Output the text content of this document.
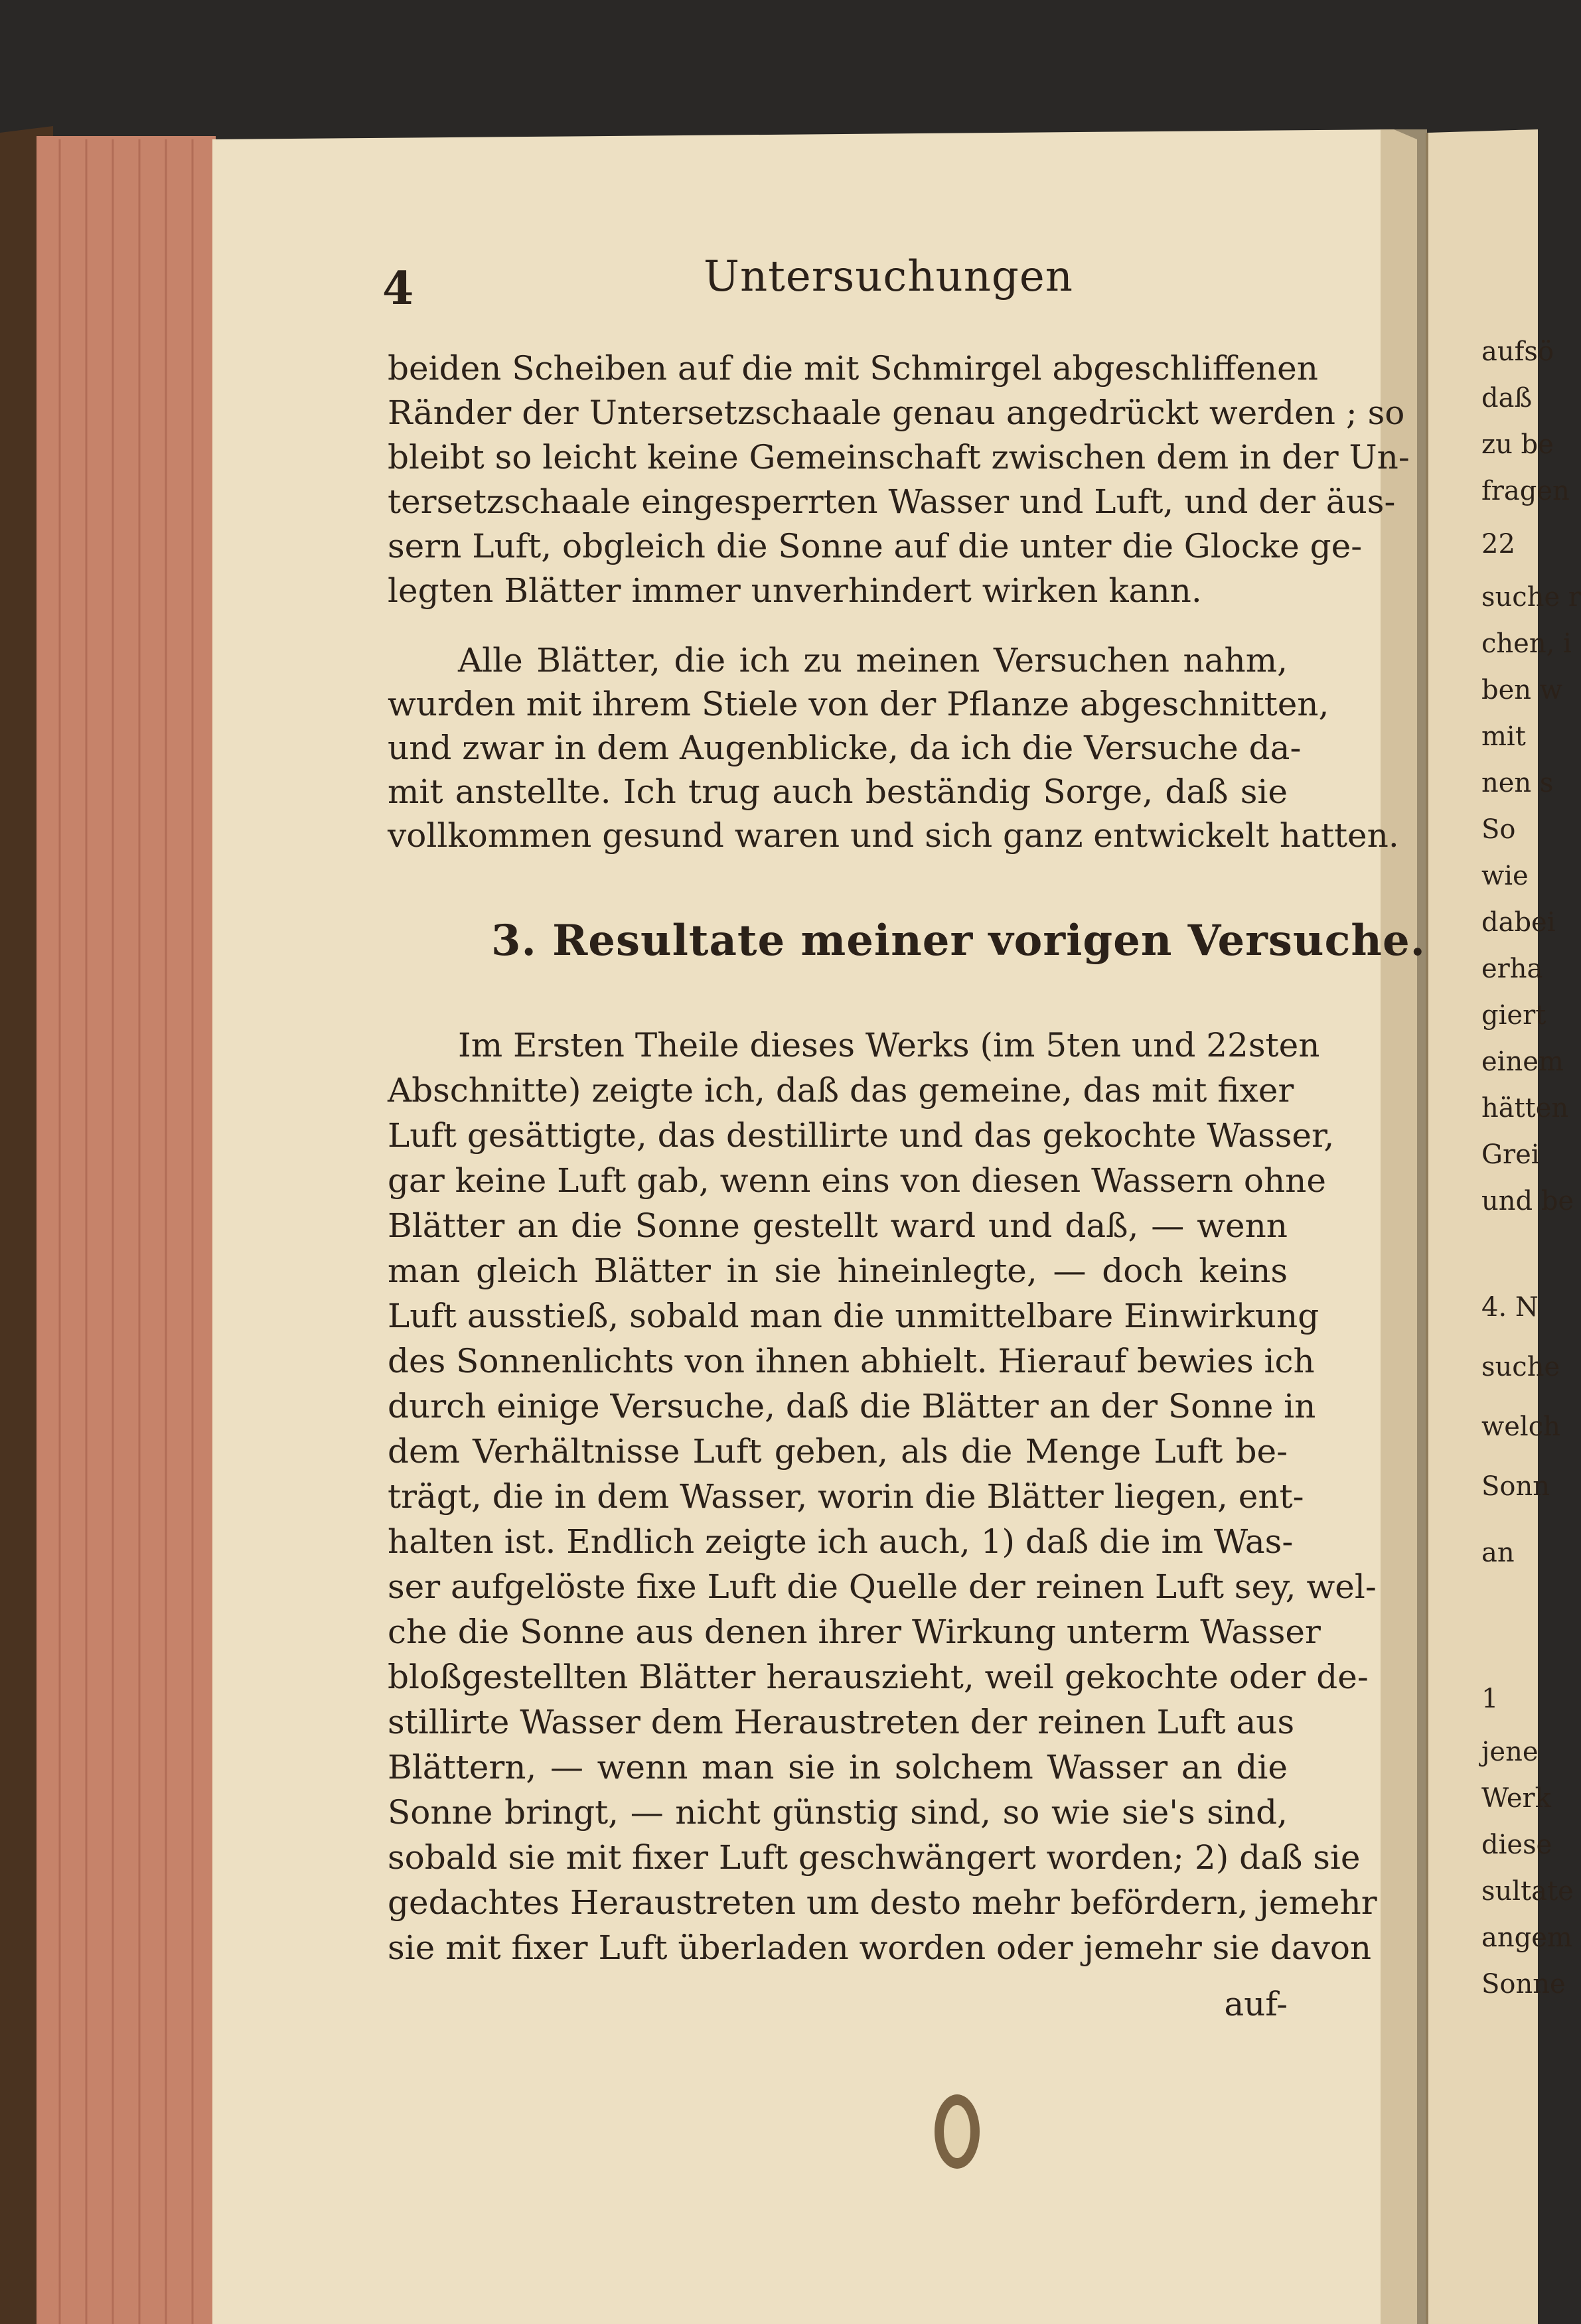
4	Untersuchungen
beiden Scheiben auf die mit Schmirgel abgeschliffenen
Ränder der Untersetzschaale genau angedrückt werden ; so
bleibt so leicht keine Gemeinschaft zwischen dem in der Un-
tersetzschaale eingesperrten Wasser und Luft, und der äus-
sern Luft, obgleich die Sonne auf die unter die Glocke ge-
legten Blätter immer unverhindert wirken kann.
Alle Blätter, die ich zu meinen Versuchen nahm,
wurden mit ihrem Stiele von der Pflanze abgeschnitten,
und zwar in dem Augenblicke, da ich die Versuche da-
mit anstellte. Ich trug auch beständig Sorge, daß sie
vollkommen gesund waren und sich ganz entwickelt hatten.
3. Resultate meiner vorigen Versuche.
Im Ersten Theile dieses Werks (im 5ten und 22sten
Abschnitte) zeigte ich, daß das gemeine, das mit fixer
Luft gesättigte, das destillirte und das gekochte Wasser,
gar keine Luft gab, wenn eins von diesen Wassern ohne
Blätter an die Sonne gestellt ward und daß, — wenn
man gleich Blätter in sie hineinlegte, — doch keins
Luft ausstieß, sobald man die unmittelbare Einwirkung
des Sonnenlichts von ihnen abhielt. Hierauf bewies ich
durch einige Versuche, daß die Blätter an der Sonne in
dem Verhältnisse Luft geben, als die Menge Luft be-
trägt, die in dem Wasser, worin die Blätter liegen, ent-
halten ist. Endlich zeigte ich auch, 1) daß die im Was-
ser aufgelöste fixe Luft die Quelle der reinen Luft sey, wel-
che die Sonne aus denen ihrer Wirkung unterm Wasser
bloßgestellten Blätter herauszieht, weil gekochte oder de-
stillirte Wasser dem Heraustreten der reinen Luft aus
Blättern, — wenn man sie in solchem Wasser an die
Sonne bringt, — nicht günstig sind, so wie sie's sind,
sobald sie mit fixer Luft geschwängert worden; 2) daß sie
gedachtes Heraustreten um desto mehr befördern, jemehr
sie mit fixer Luft überladen worden oder jemehr sie davon
auf-
aufsö
daß
zu be
fragen
22
suche r
chen, i
ben w
mit
nen s
So
wie
dabei
erha
giert
einem
hätten
Grei
und be
4. N
suche
welch
Sonn
an
1
jene
Werk
diese
sultate
angem
Sonne
